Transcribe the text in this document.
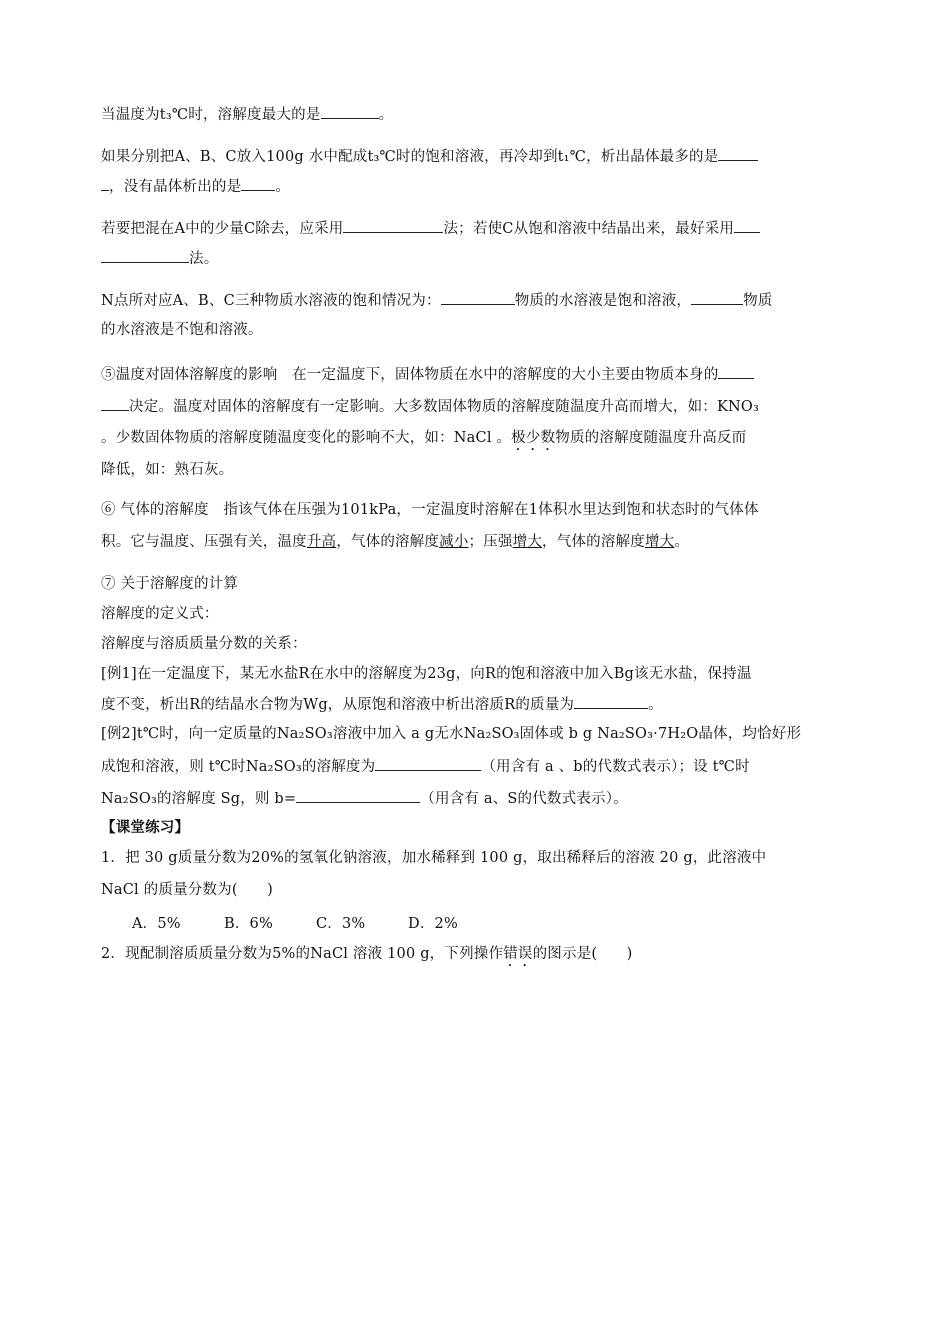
当温度为t₃℃时，溶解度最大的是	。
如果分别把A、B、C放入100g 水中配成t₃℃时的饱和溶液，再冷却到t₁℃，析出晶体最多的是
，没有晶体析出的是 。
若要把混在A中的少量C除去，应采用	法；若使C从饱和溶液中结晶出来，最好采用
法。
N点所对应A、B、C三种物质水溶液的饱和情况为：	物质的水溶液是饱和溶液，	物质
的水溶液是不饱和溶液。
⑤温度对固体溶解度的影响　在一定温度下，固体物质在水中的溶解度的大小主要由物质本身的
决定。温度对固体的溶解度有一定影响。大多数固体物质的溶解度随温度升高而增大，如：KNO₃
。少数固体物质的溶解度随温度变化的影响不大，如：NaCl 。极少数物质的溶解度随温度升高反而
降低，如：熟石灰。
⑥ 气体的溶解度　指该气体在压强为101kPa，一定温度时溶解在1体积水里达到饱和状态时的气体体
积。它与温度、压强有关，温度升高，气体的溶解度减小；压强增大，气体的溶解度增大。
⑦ 关于溶解度的计算
溶解度的定义式：
溶解度与溶质质量分数的关系：
[例1]在一定温度下，某无水盐R在水中的溶解度为23g，向R的饱和溶液中加入Bg该无水盐，保持温
度不变，析出R的结晶水合物为Wg，从原饱和溶液中析出溶质R的质量为	。
[例2]t℃时，向一定质量的Na₂SO₃溶液中加入 a g无水Na₂SO₃固体或 b g Na₂SO₃·7H₂O晶体，均恰好形
成饱和溶液，则 t℃时Na₂SO₃的溶解度为	（用含有 a 、b的代数式表示）；设 t℃时
Na₂SO₃的溶解度 Sg，则 b=	（用含有 a、S的代数式表示）。
【课堂练习】
1．把 30 g质量分数为20%的氢氧化钠溶液，加水稀释到 100 g，取出稀释后的溶液 20 g，此溶液中
NaCl 的质量分数为(　　)
A．5%	B．6%	C．3%	D．2%
2．现配制溶质质量分数为5%的NaCl 溶液 100 g，下列操作错误的图示是(　　)
